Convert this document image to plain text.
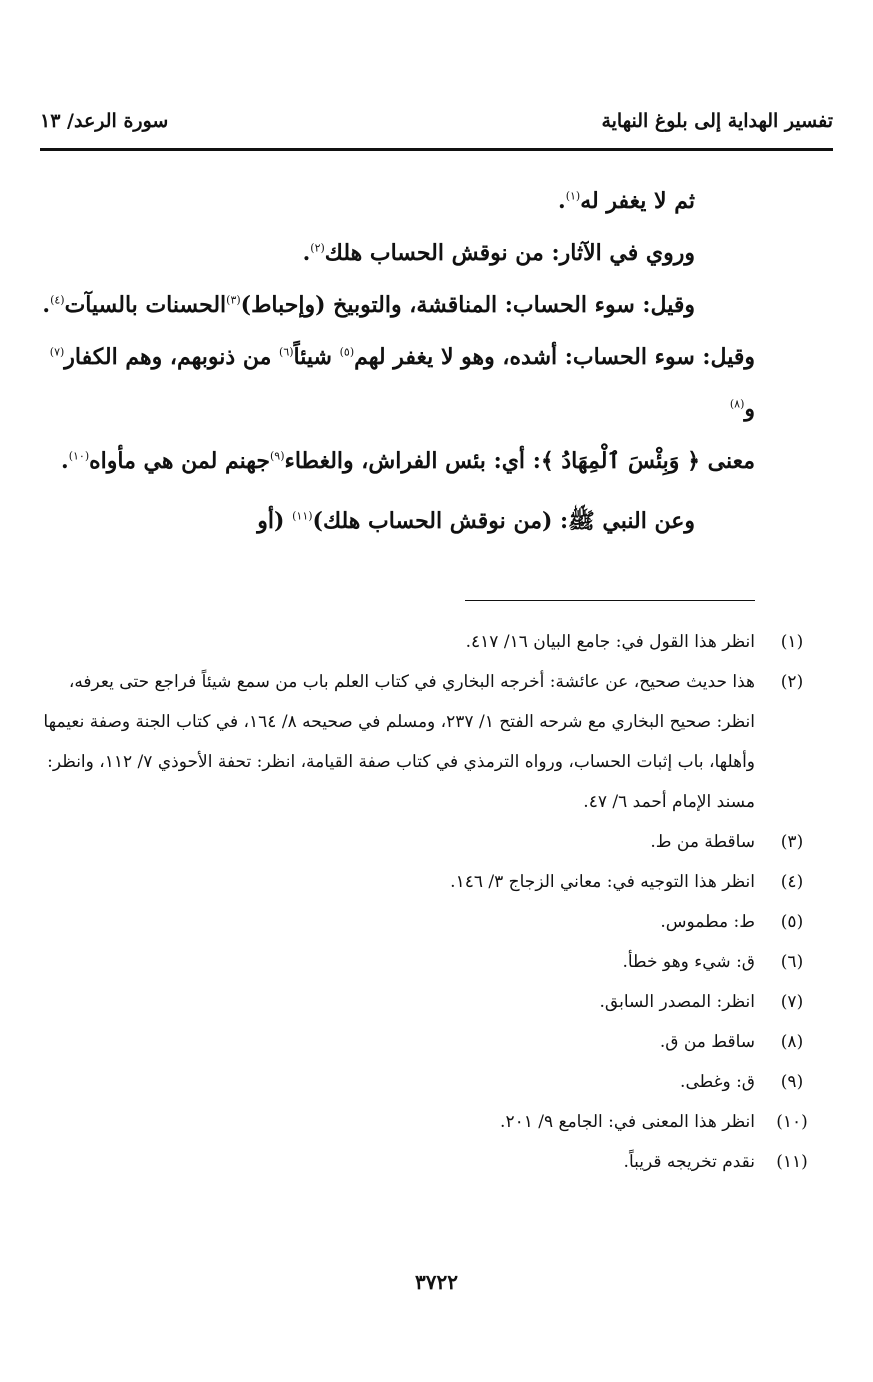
تفسير الهداية إلى بلوغ النهاية
سورة الرعد/ ١٣

ثم لا يغفر له$^{(١)}$.

وروي في الآثار: من نوقش الحساب هلك$^{(٢)}$.

وقيل: سوء الحساب: المناقشة، والتوبيخ (وإحباط)$^{(٣)}$الحسنات بالسيآت$^{(٤)}$.

وقيل: سوء الحساب: أشده، وهو لا يغفر لهم$^{(٥)}$ شيئاً$^{(٦)}$ من ذنوبهم، وهم الكفار$^{(٧)}$ و$^{(٨)}$

معنى ﴿ وَبِئْسَ ٱلْمِهَادُ ﴾: أي: بئس الفراش، والغطاء$^{(٩)}$جهنم لمن هي مأواه$^{(١٠)}$.

وعن النبي ﷺ: (من نوقش الحساب هلك)$^{(١١)}$ (أو

(١)
انظر هذا القول في: جامع البيان ١٦/ ٤١٧.
(٢)
هذا حديث صحيح، عن عائشة: أخرجه البخاري في كتاب العلم باب من سمع شيئاً فراجع حتى يعرفه، انظر: صحيح البخاري مع شرحه الفتح ١/ ٢٣٧، ومسلم في صحيحه ٨/ ١٦٤، في كتاب الجنة وصفة نعيمها وأهلها، باب إثبات الحساب، ورواه الترمذي في كتاب صفة القيامة، انظر: تحفة الأحوذي ٧/ ١١٢، وانظر: مسند الإمام أحمد ٦/ ٤٧.
(٣)
ساقطة من ط.
(٤)
انظر هذا التوجيه في: معاني الزجاج ٣/ ١٤٦.
(٥)
ط: مطموس.
(٦)
ق: شيء وهو خطأ.
(٧)
انظر: المصدر السابق.
(٨)
ساقط من ق.
(٩)
ق: وغطى.
(١٠)
انظر هذا المعنى في: الجامع ٩/ ٢٠١.
(١١)
نقدم تخريجه قريباً.
٣٧٢٢
